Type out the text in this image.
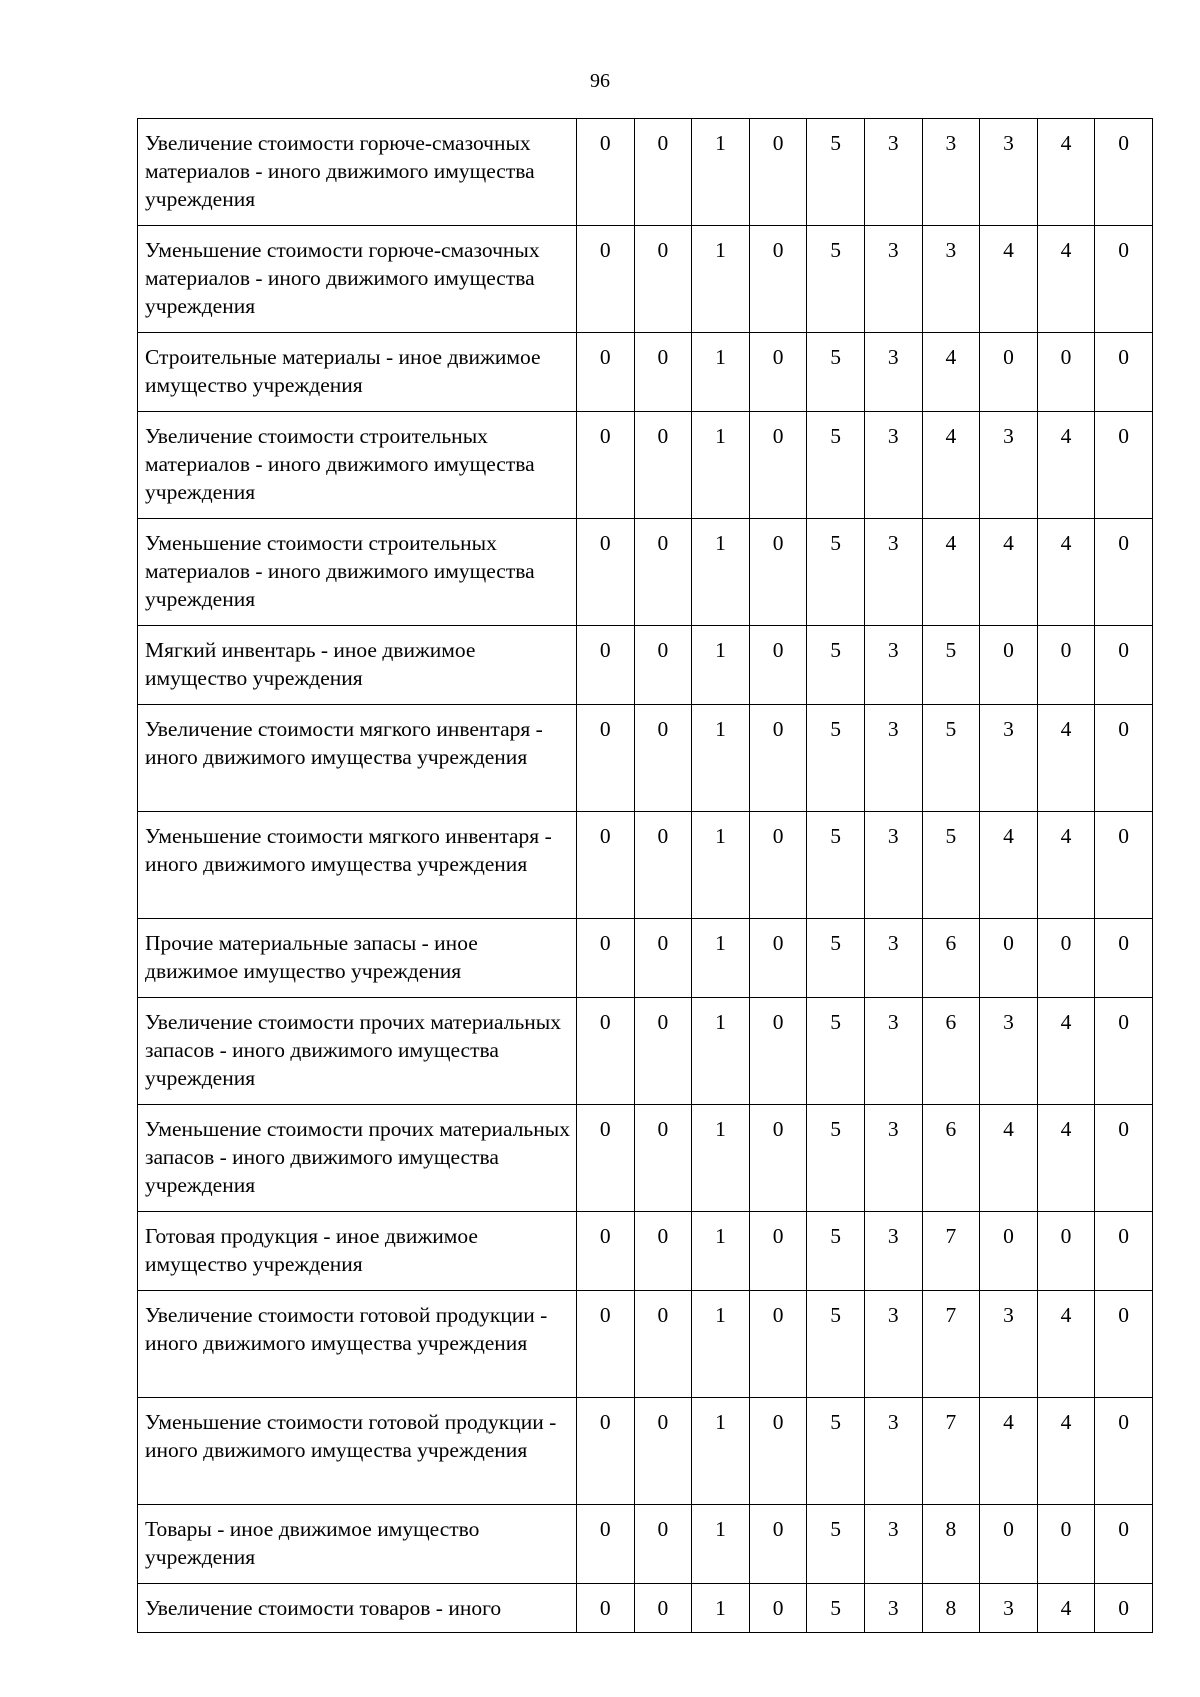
96
Увеличение стоимости горюче-смазочных материалов - иного движимого имущества учреждения	0	0	1	0	5	3	3	3	4	0
Уменьшение стоимости горюче-смазочных материалов - иного движимого имущества учреждения	0	0	1	0	5	3	3	4	4	0
Строительные материалы - иное движимое имущество учреждения	0	0	1	0	5	3	4	0	0	0
Увеличение стоимости строительных материалов - иного движимого имущества учреждения	0	0	1	0	5	3	4	3	4	0
Уменьшение стоимости строительных материалов - иного движимого имущества учреждения	0	0	1	0	5	3	4	4	4	0
Мягкий инвентарь - иное движимое имущество учреждения	0	0	1	0	5	3	5	0	0	0
Увеличение стоимости мягкого инвентаря - иного движимого имущества учреждения	0	0	1	0	5	3	5	3	4	0
Уменьшение стоимости мягкого инвентаря - иного движимого имущества учреждения	0	0	1	0	5	3	5	4	4	0
Прочие материальные запасы - иное движимое имущество учреждения	0	0	1	0	5	3	6	0	0	0
Увеличение стоимости прочих материальных запасов - иного движимого имущества учреждения	0	0	1	0	5	3	6	3	4	0
Уменьшение стоимости прочих материальных запасов - иного движимого имущества учреждения	0	0	1	0	5	3	6	4	4	0
Готовая продукция - иное движимое имущество учреждения	0	0	1	0	5	3	7	0	0	0
Увеличение стоимости готовой продукции - иного движимого имущества учреждения	0	0	1	0	5	3	7	3	4	0
Уменьшение стоимости готовой продукции - иного движимого имущества учреждения	0	0	1	0	5	3	7	4	4	0
Товары - иное движимое имущество учреждения	0	0	1	0	5	3	8	0	0	0
Увеличение стоимости товаров - иного	0	0	1	0	5	3	8	3	4	0
